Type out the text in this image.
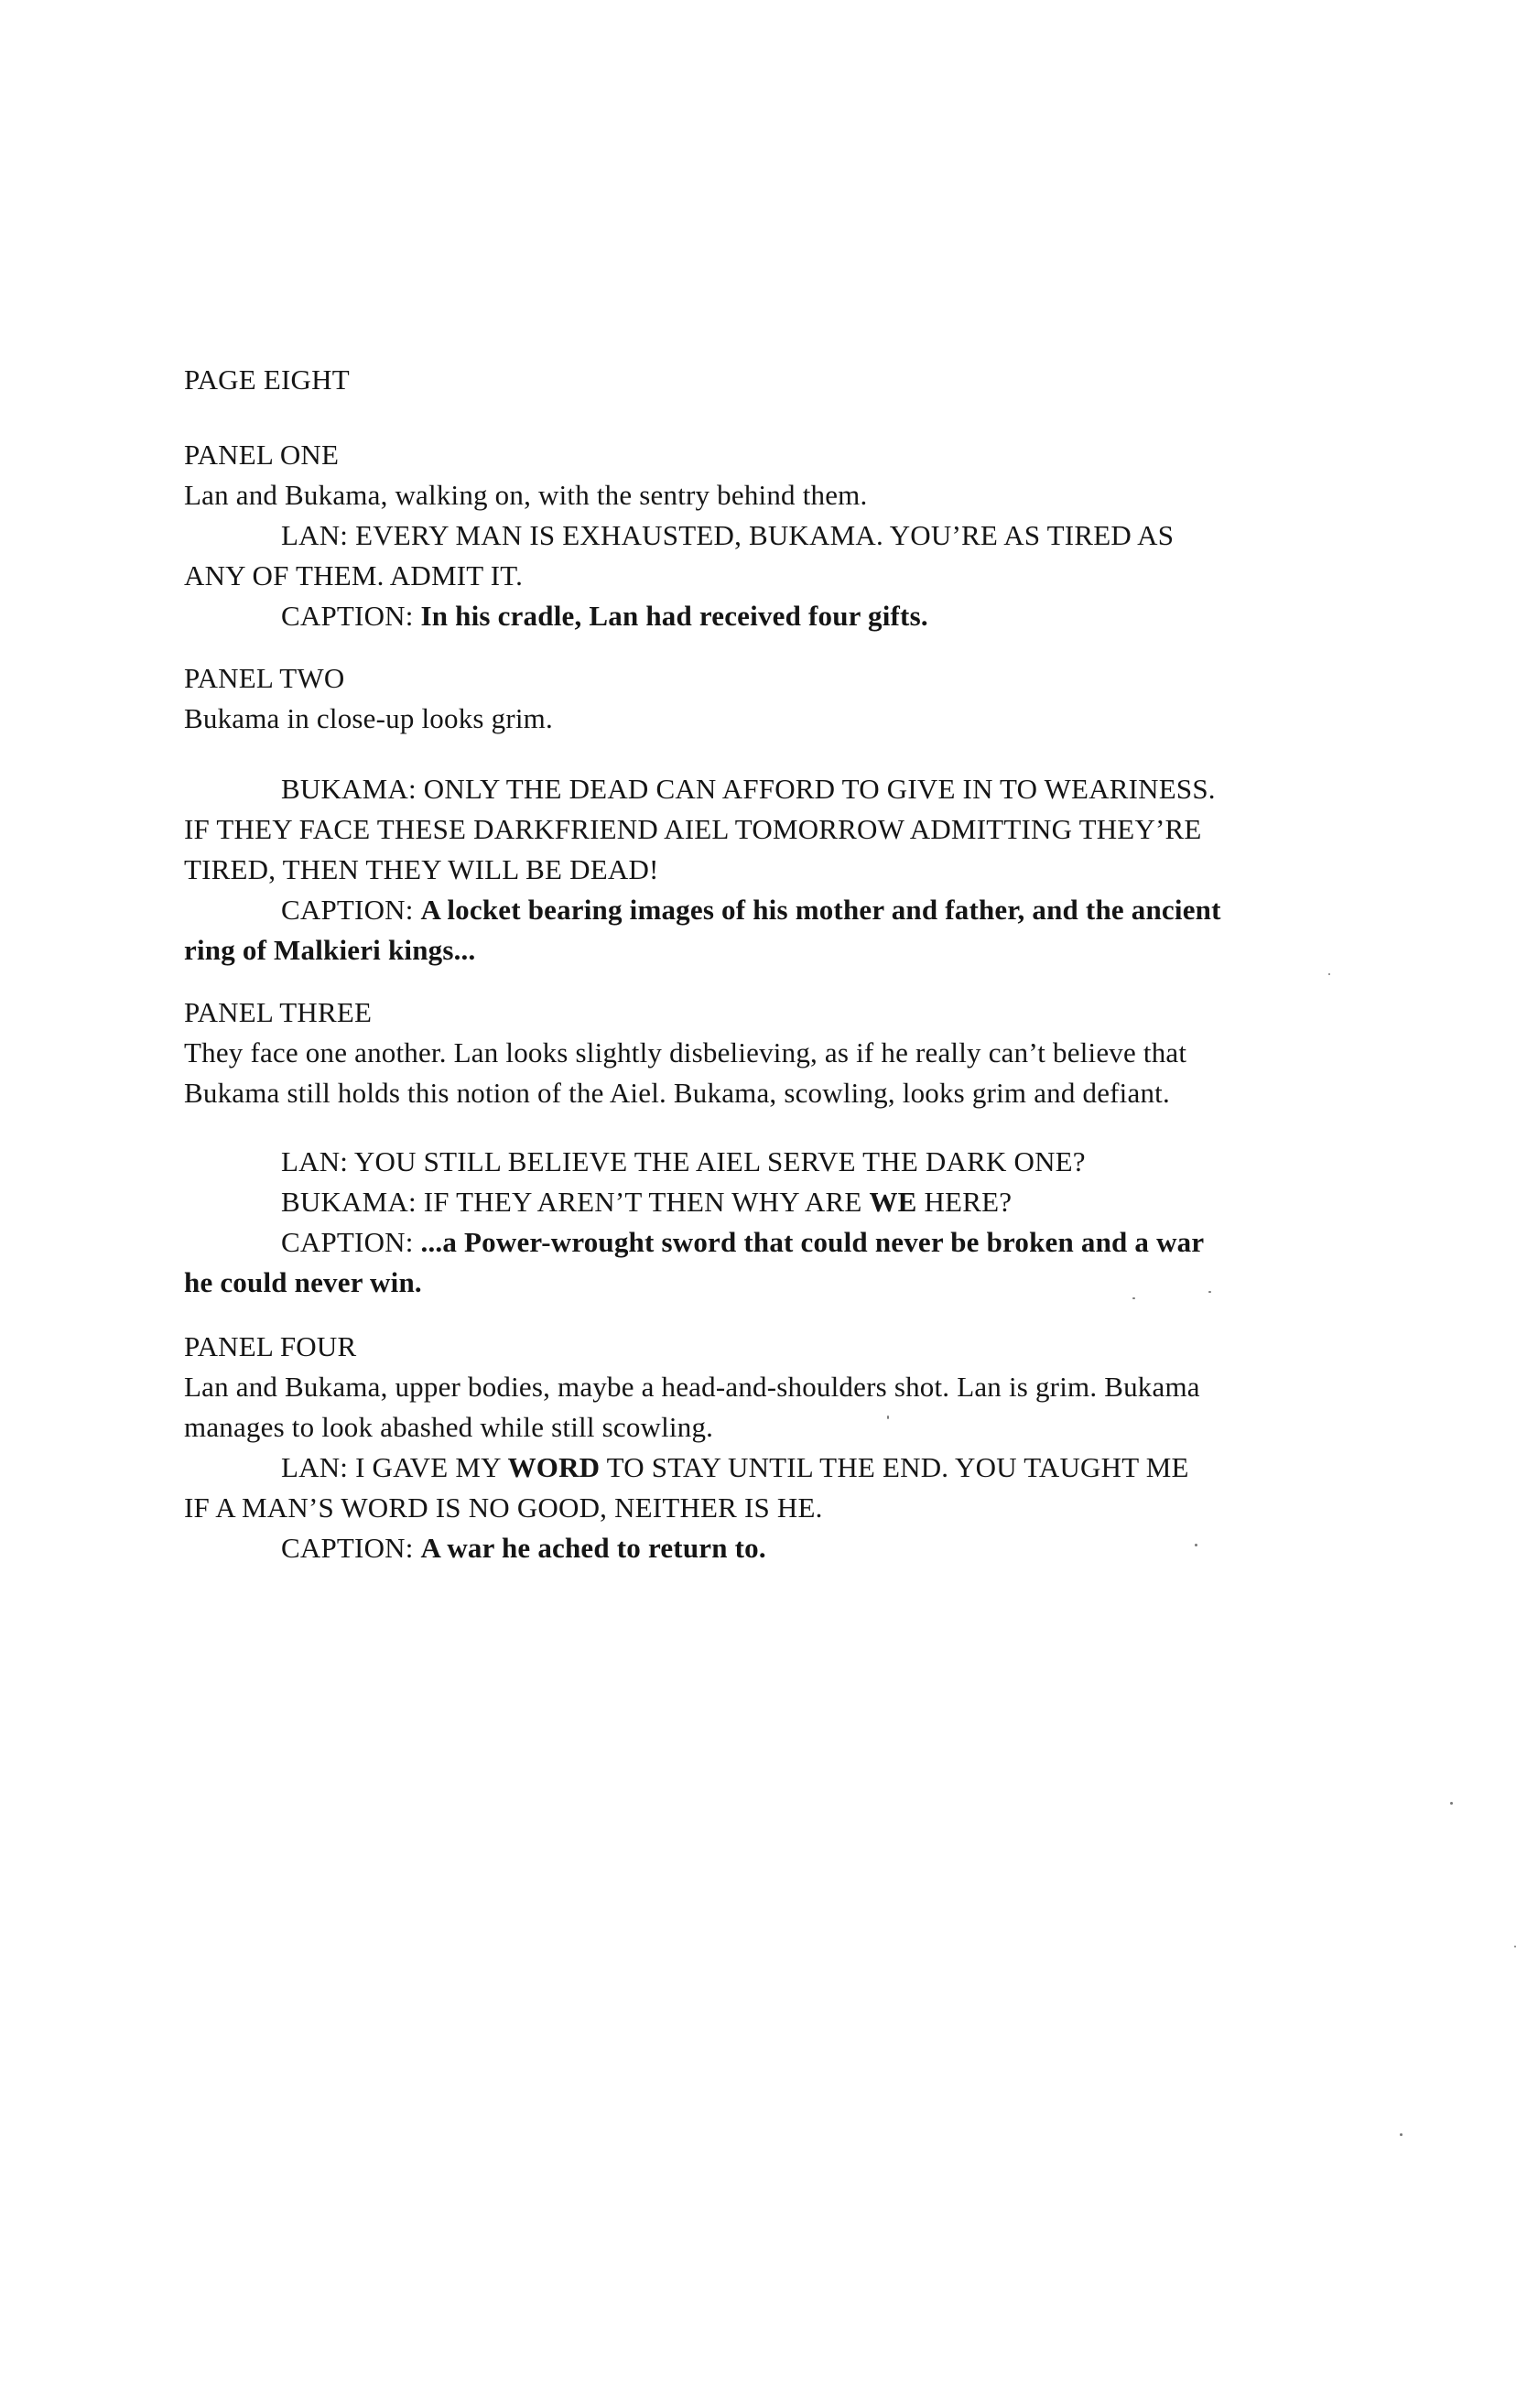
PAGE EIGHT
PANEL ONE
Lan and Bukama, walking on, with the sentry behind them.
LAN: EVERY MAN IS EXHAUSTED, BUKAMA. YOU’RE AS TIRED AS
ANY OF THEM. ADMIT IT.
CAPTION: In his cradle, Lan had received four gifts.
PANEL TWO
Bukama in close-up looks grim.
BUKAMA: ONLY THE DEAD CAN AFFORD TO GIVE IN TO WEARINESS.
IF THEY FACE THESE DARKFRIEND AIEL TOMORROW ADMITTING THEY’RE
TIRED, THEN THEY WILL BE DEAD!
CAPTION: A locket bearing images of his mother and father, and the ancient
ring of Malkieri kings...
PANEL THREE
They face one another. Lan looks slightly disbelieving, as if he really can’t believe that
Bukama still holds this notion of the Aiel. Bukama, scowling, looks grim and defiant.
LAN: YOU STILL BELIEVE THE AIEL SERVE THE DARK ONE?
BUKAMA: IF THEY AREN’T THEN WHY ARE WE HERE?
CAPTION: ...a Power-wrought sword that could never be broken and a war
he could never win.
PANEL FOUR
Lan and Bukama, upper bodies, maybe a head-and-shoulders shot. Lan is grim. Bukama
manages to look abashed while still scowling.
LAN: I GAVE MY WORD TO STAY UNTIL THE END. YOU TAUGHT ME
IF A MAN’S WORD IS NO GOOD, NEITHER IS HE.
CAPTION: A war he ached to return to.
